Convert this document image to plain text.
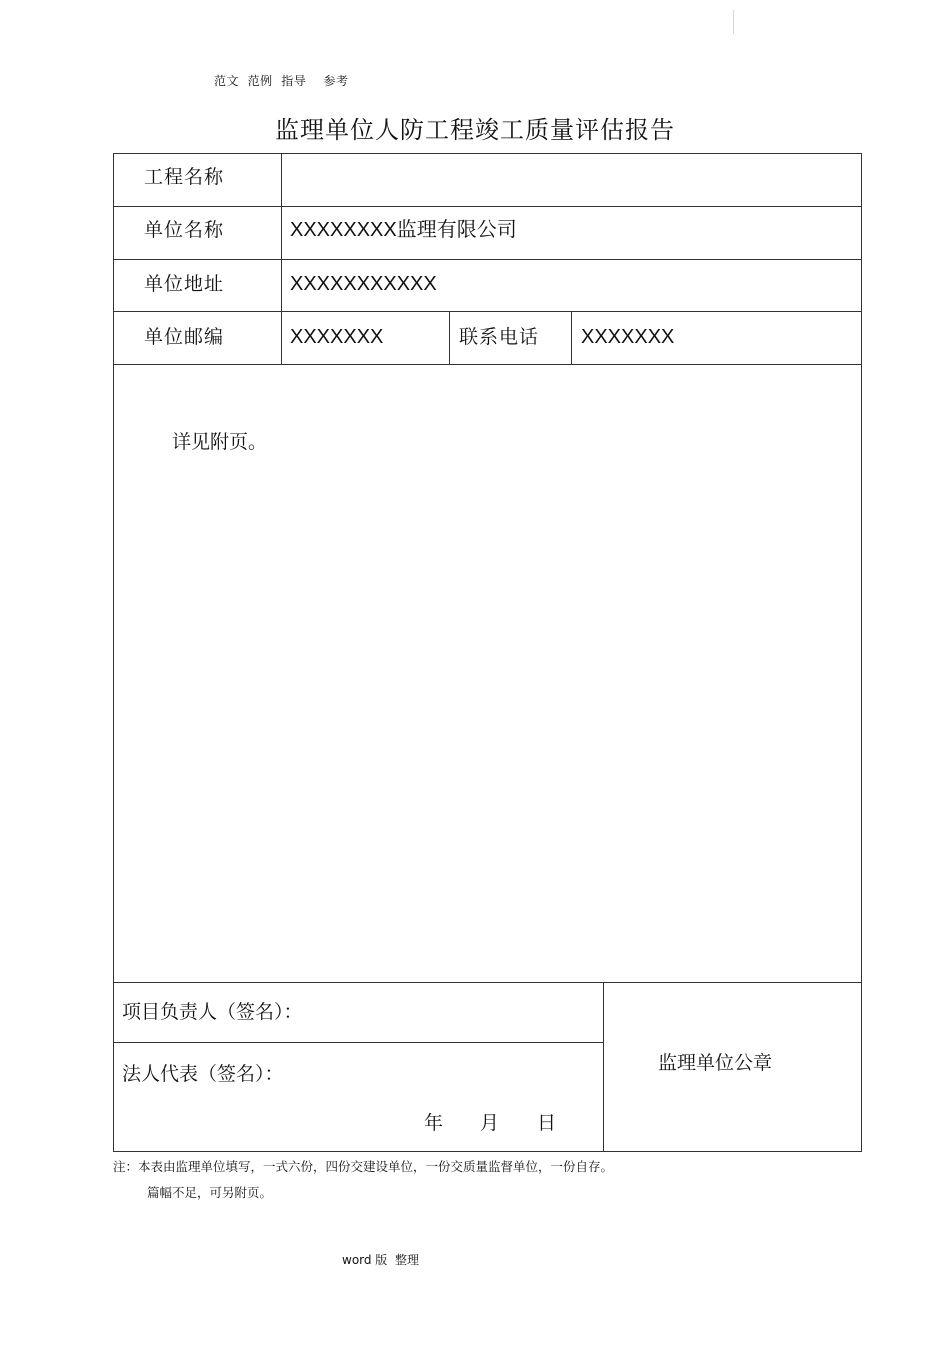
范文  范例  指导    参考
监理单位人防工程竣工质量评估报告
工程名称
单位名称	XXXXXXXX监理有限公司
单位地址	XXXXXXXXXXX
单位邮编	XXXXXXX	联系电话 XXXXXXX
详见附页。
项目负责人（签名）：
法人代表（签名）：
年 月 日
监理单位公章
注：本表由监理单位填写，一式六份，四份交建设单位，一份交质量监督单位，一份自存。
篇幅不足，可另附页。
word 版  整理
